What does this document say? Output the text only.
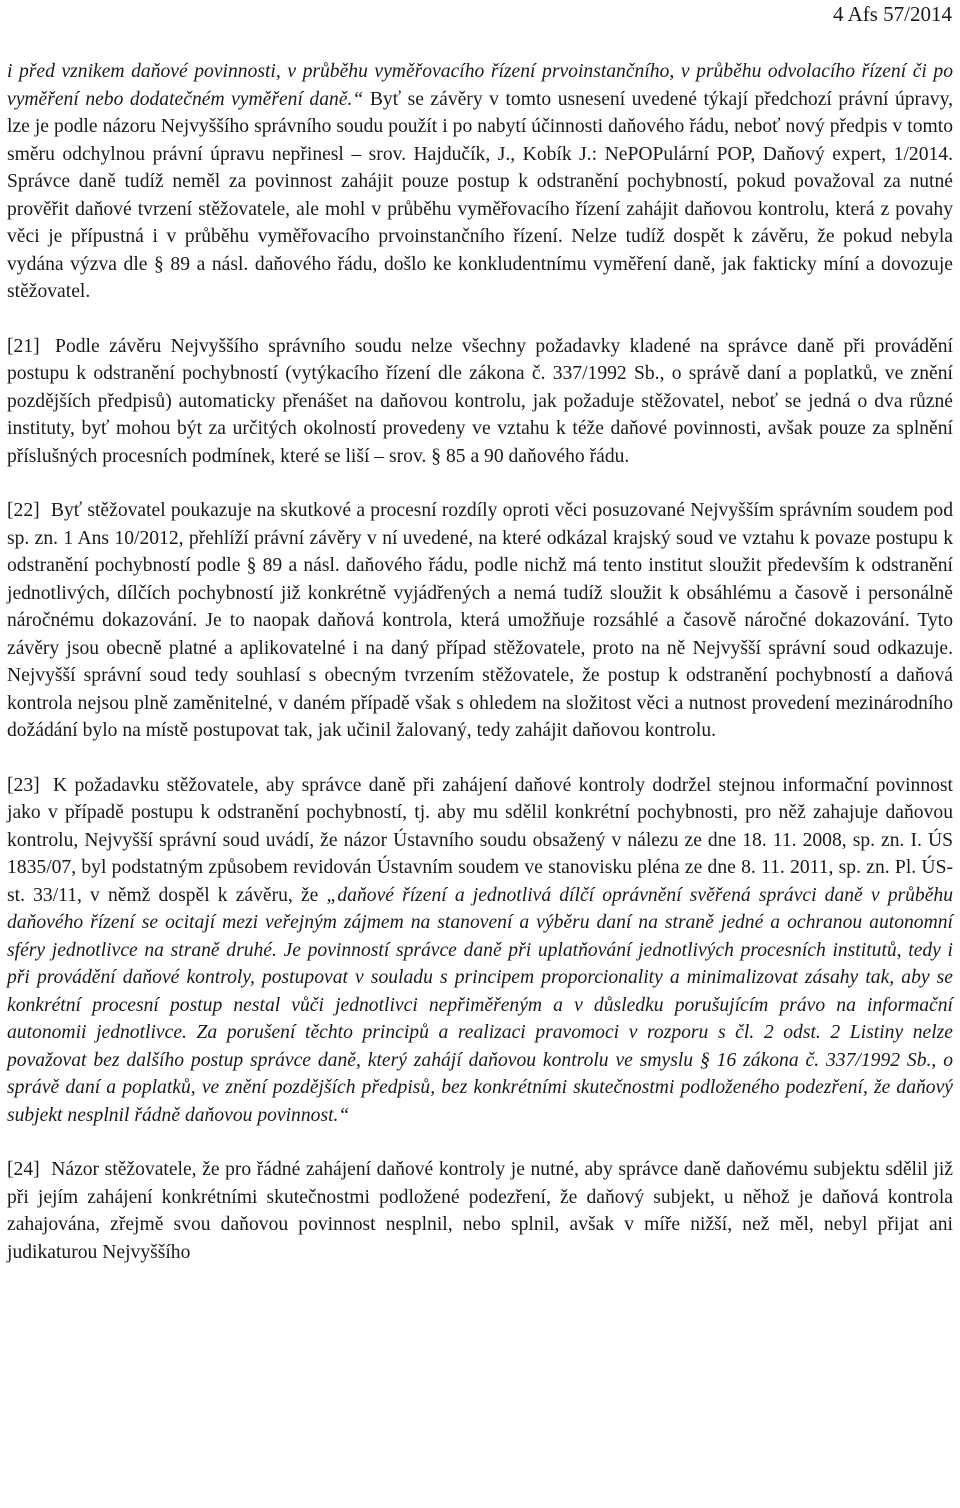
4 Afs 57/2014

i před vznikem daňové povinnosti, v průběhu vyměřovacího řízení prvoinstančního, v průběhu odvolacího řízení či po vyměření nebo dodatečném vyměření daně.“ Byť se závěry v tomto usnesení uvedené týkají předchozí právní úpravy, lze je podle názoru Nejvyššího správního soudu použít i po nabytí účinnosti daňového řádu, neboť nový předpis v tomto směru odchylnou právní úpravu nepřinesl – srov. Hajdučík, J., Kobík J.: NePOPulární POP, Daňový expert, 1/2014. Správce daně tudíž neměl za povinnost zahájit pouze postup k odstranění pochybností, pokud považoval za nutné prověřit daňové tvrzení stěžovatele, ale mohl v průběhu vyměřovacího řízení zahájit daňovou kontrolu, která z povahy věci je přípustná i v průběhu vyměřovacího prvoinstančního řízení. Nelze tudíž dospět k závěru, že pokud nebyla vydána výzva dle § 89 a násl. daňového řádu, došlo ke konkludentnímu vyměření daně, jak fakticky míní a dovozuje stěžovatel.

[21] Podle závěru Nejvyššího správního soudu nelze všechny požadavky kladené na správce daně při provádění postupu k odstranění pochybností (vytýkacího řízení dle zákona č. 337/1992 Sb., o správě daní a poplatků, ve znění pozdějších předpisů) automaticky přenášet na daňovou kontrolu, jak požaduje stěžovatel, neboť se jedná o dva různé instituty, byť mohou být za určitých okolností provedeny ve vztahu k téže daňové povinnosti, avšak pouze za splnění příslušných procesních podmínek, které se liší – srov. § 85 a 90 daňového řádu.

[22] Byť stěžovatel poukazuje na skutkové a procesní rozdíly oproti věci posuzované Nejvyšším správním soudem pod sp. zn. 1 Ans 10/2012, přehlíží právní závěry v ní uvedené, na které odkázal krajský soud ve vztahu k povaze postupu k odstranění pochybností podle § 89 a násl. daňového řádu, podle nichž má tento institut sloužit především k odstranění jednotlivých, dílčích pochybností již konkrétně vyjádřených a nemá tudíž sloužit k obsáhlému a časově i personálně náročnému dokazování. Je to naopak daňová kontrola, která umožňuje rozsáhlé a časově náročné dokazování. Tyto závěry jsou obecně platné a aplikovatelné i na daný případ stěžovatele, proto na ně Nejvyšší správní soud odkazuje. Nejvyšší správní soud tedy souhlasí s obecným tvrzením stěžovatele, že postup k odstranění pochybností a daňová kontrola nejsou plně zaměnitelné, v daném případě však s ohledem na složitost věci a nutnost provedení mezinárodního dožádání bylo na místě postupovat tak, jak učinil žalovaný, tedy zahájit daňovou kontrolu.

[23] K požadavku stěžovatele, aby správce daně při zahájení daňové kontroly dodržel stejnou informační povinnost jako v případě postupu k odstranění pochybností, tj. aby mu sdělil konkrétní pochybnosti, pro něž zahajuje daňovou kontrolu, Nejvyšší správní soud uvádí, že názor Ústavního soudu obsažený v nálezu ze dne 18. 11. 2008, sp. zn. I. ÚS 1835/07, byl podstatným způsobem revidován Ústavním soudem ve stanovisku pléna ze dne 8. 11. 2011, sp. zn. Pl. ÚS-st. 33/11, v němž dospěl k závěru, že „daňové řízení a jednotlivá dílčí oprávnění svěřená správci daně v průběhu daňového řízení se ocitají mezi veřejným zájmem na stanovení a výběru daní na straně jedné a ochranou autonomní sféry jednotlivce na straně druhé. Je povinností správce daně při uplatňování jednotlivých procesních institutů, tedy i při provádění daňové kontroly, postupovat v souladu s principem proporcionality a minimalizovat zásahy tak, aby se konkrétní procesní postup nestal vůči jednotlivci nepřiměřeným a v důsledku porušujícím právo na informační autonomii jednotlivce. Za porušení těchto principů a realizaci pravomoci v rozporu s čl. 2 odst. 2 Listiny nelze považovat bez dalšího postup správce daně, který zahájí daňovou kontrolu ve smyslu § 16 zákona č. 337/1992 Sb., o správě daní a poplatků, ve znění pozdějších předpisů, bez konkrétními skutečnostmi podloženého podezření, že daňový subjekt nesplnil řádně daňovou povinnost.“

[24] Názor stěžovatele, že pro řádné zahájení daňové kontroly je nutné, aby správce daně daňovému subjektu sdělil již při jejím zahájení konkrétními skutečnostmi podložené podezření, že daňový subjekt, u něhož je daňová kontrola zahajována, zřejmě svou daňovou povinnost nesplnil, nebo splnil, avšak v míře nižší, než měl, nebyl přijat ani judikaturou Nejvyššího
